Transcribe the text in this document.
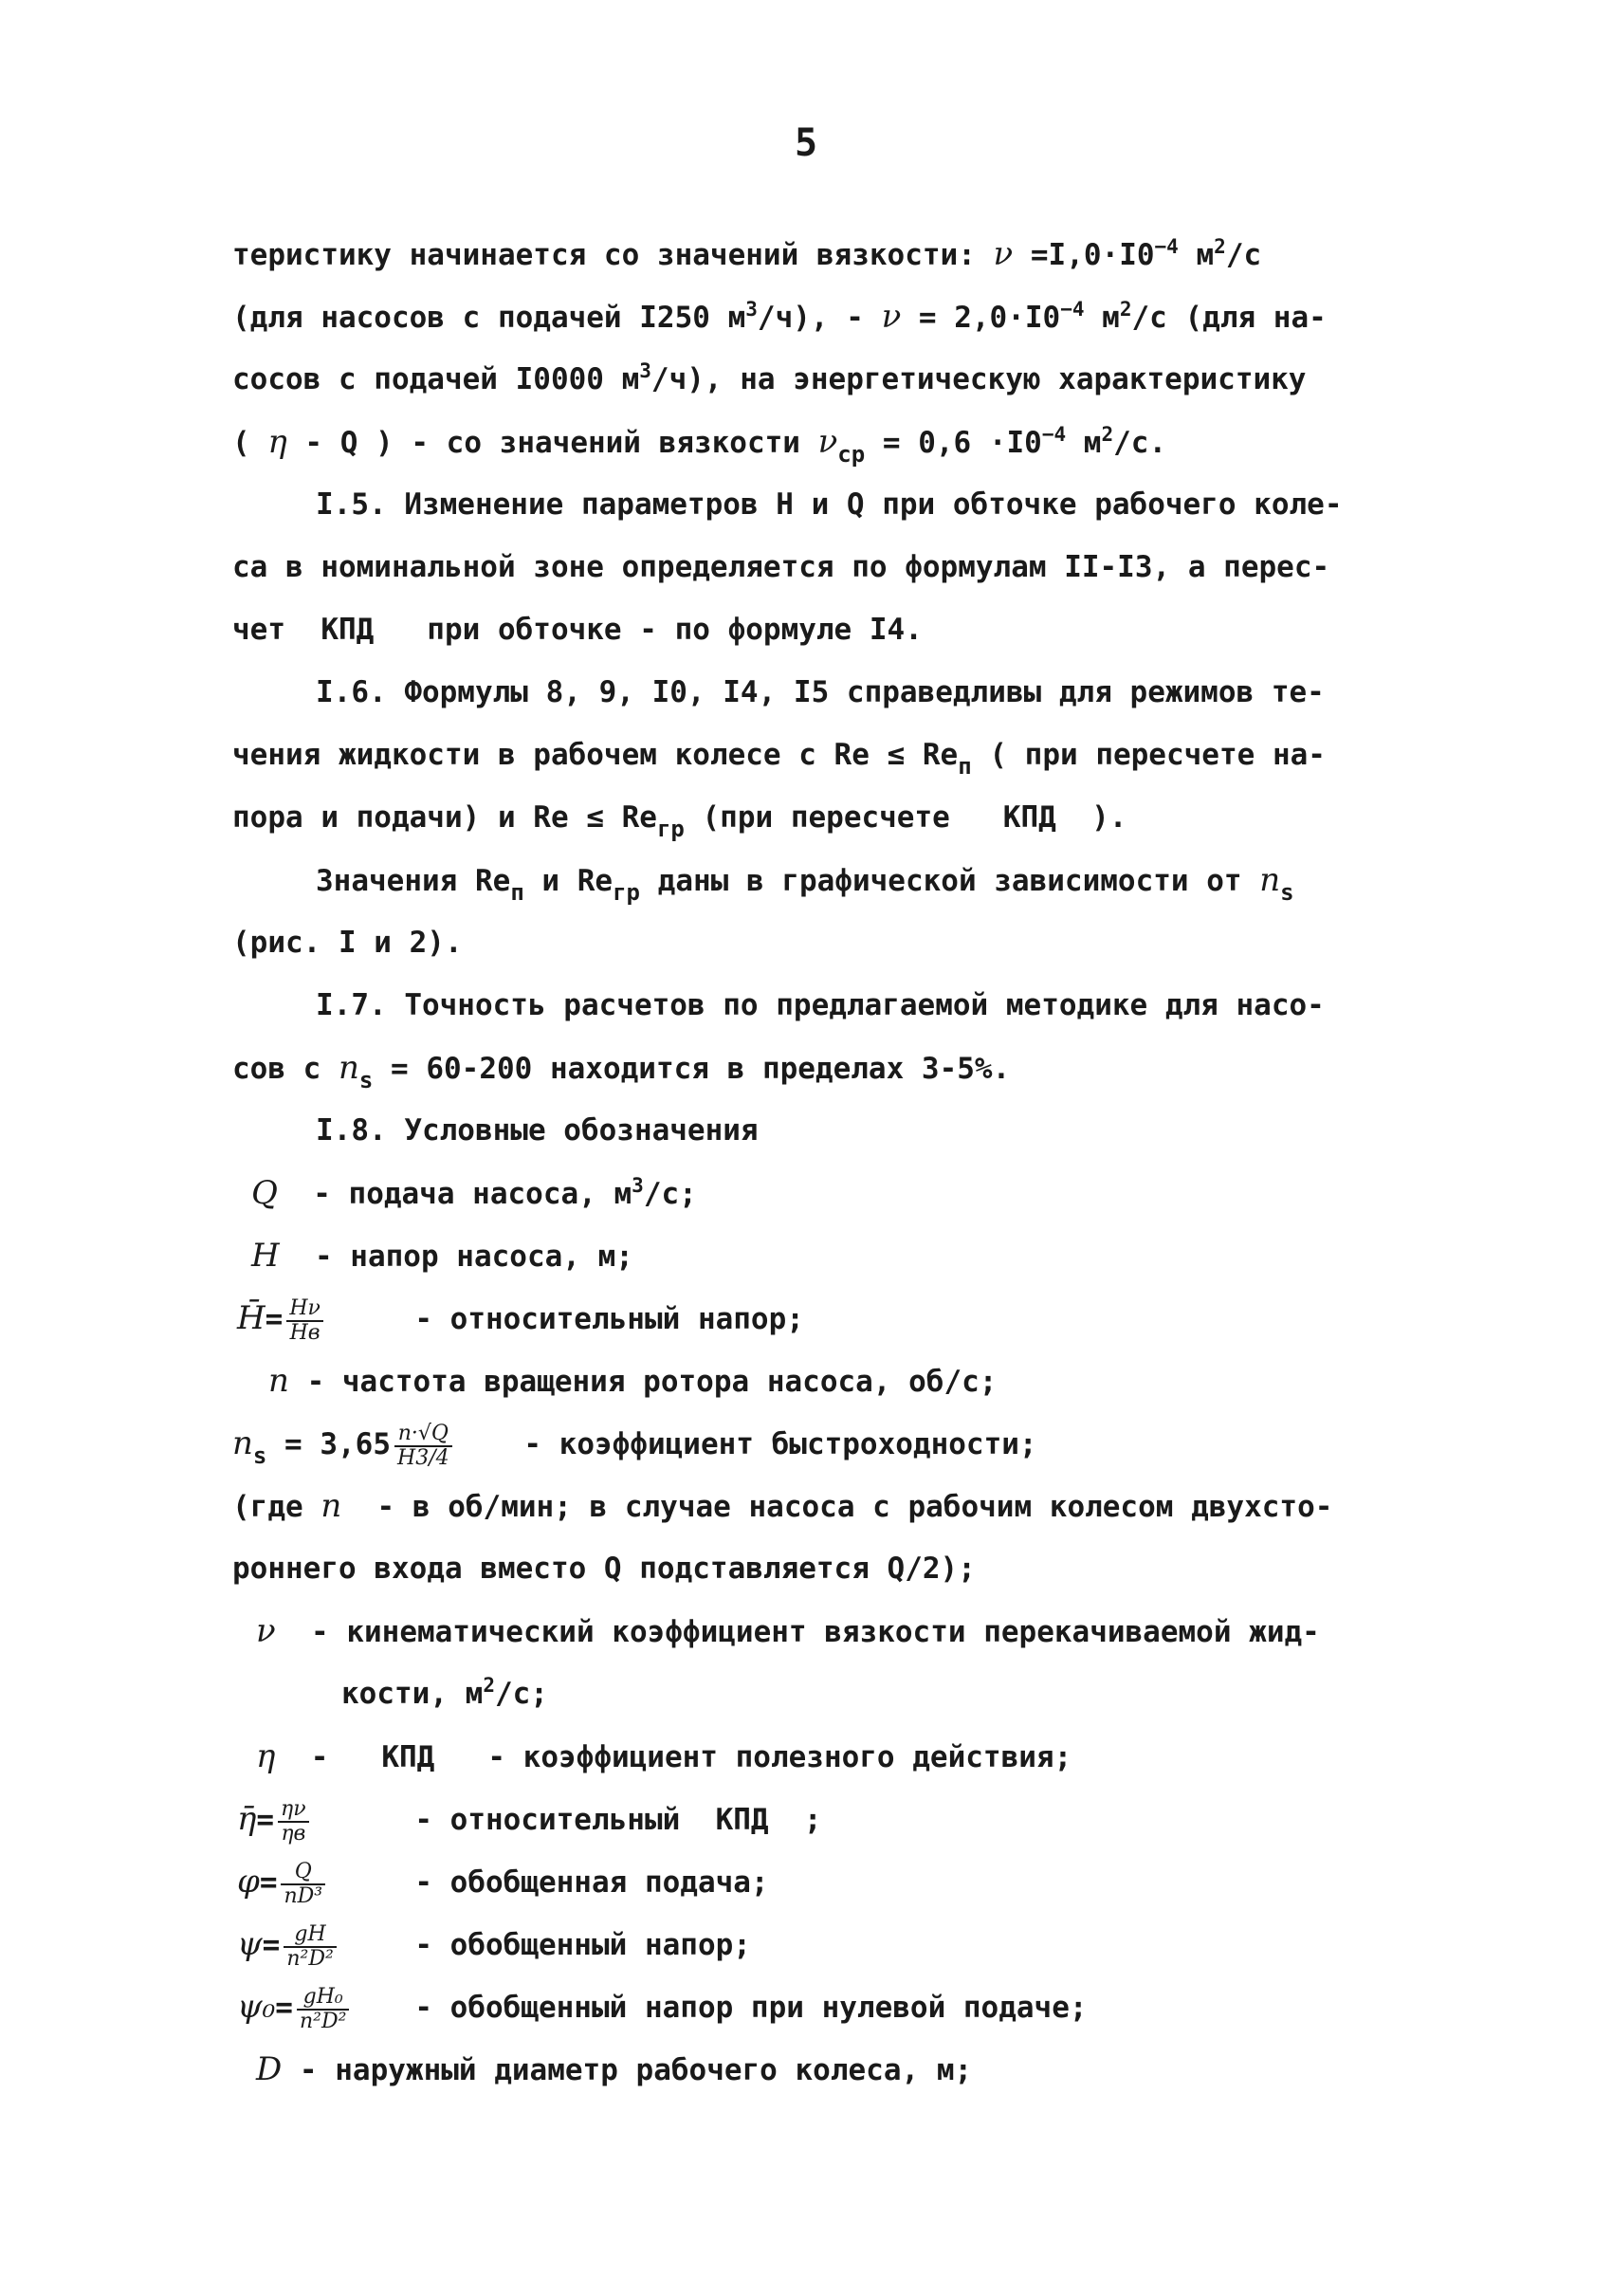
5
теристику начинается со значений вязкости: $\nu =I,0\cdot I0^{-4}$ $м^2/с$
(для насосов с подачей I250 $м^3/ч$), - $\nu = 2,0\cdot I0^{-4}$ $м^2/с$ (для на-
сосов с подачей I0000 $м^3/ч$), на энергетическую характеристику
( η - Q ) - со значений вязкости $\nu_{ср} = 0,6 \cdot I0^{-4}$ $м^2/с$.
I.5. Изменение параметров H и Q при обточке рабочего коле-
са в номинальной зоне определяется по формулам II-I3, а перес-
чет  КПД   при обточке - по формуле I4.
I.6. Формулы 8, 9, I0, I4, I5 справедливы для режимов те-
чения жидкости в рабочем колесе с $Re \le Re_п$ ( при пересчете на-
пора и подачи) и $Re \le Re_{гр}$ (при пересчете   КПД  ).
Значения $Re_п$ и $Re_{гр}$ даны в графической зависимости от $n_s$
(рис. I и 2).
I.7. Точность расчетов по предлагаемой методике для насо-
сов с $n_s = 60-200$ находится в пределах 3-5%.
I.8. Условные обозначения
Q  - подача насоса, $м^3/с$;
H  - напор насоса, м;
H̄= $\frac{H\nu}{Hв}$ - относительный напор;
n - частота вращения ротора насоса, об/с;
$n_s = 3,65 \frac{n\cdot√Q}{H3/4}$ - коэффициент быстроходности;
(где n  - в об/мин; в случае насоса с рабочим колесом двухсто-
роннего входа вместо Q подставляется Q/2);
ν  - кинематический коэффициент вязкости перекачиваемой жид-
кости, $м^2/с$;
η  -   КПД   - коэффициент полезного действия;
η̄= $\frac{\eta\nu}{\eta в}$ - относительный  КПД  ;
$\varphi= \frac{Q}{\text{nD³}}$ - обобщенная подача;
$\psi= \frac{gH}{\text{n²D²}}$ - обобщенный напор;
$\psi_0= \frac{\text{gH₀}}{\text{n²D²}}$ - обобщенный напор при нулевой подаче;
D - наружный диаметр рабочего колеса, м;
